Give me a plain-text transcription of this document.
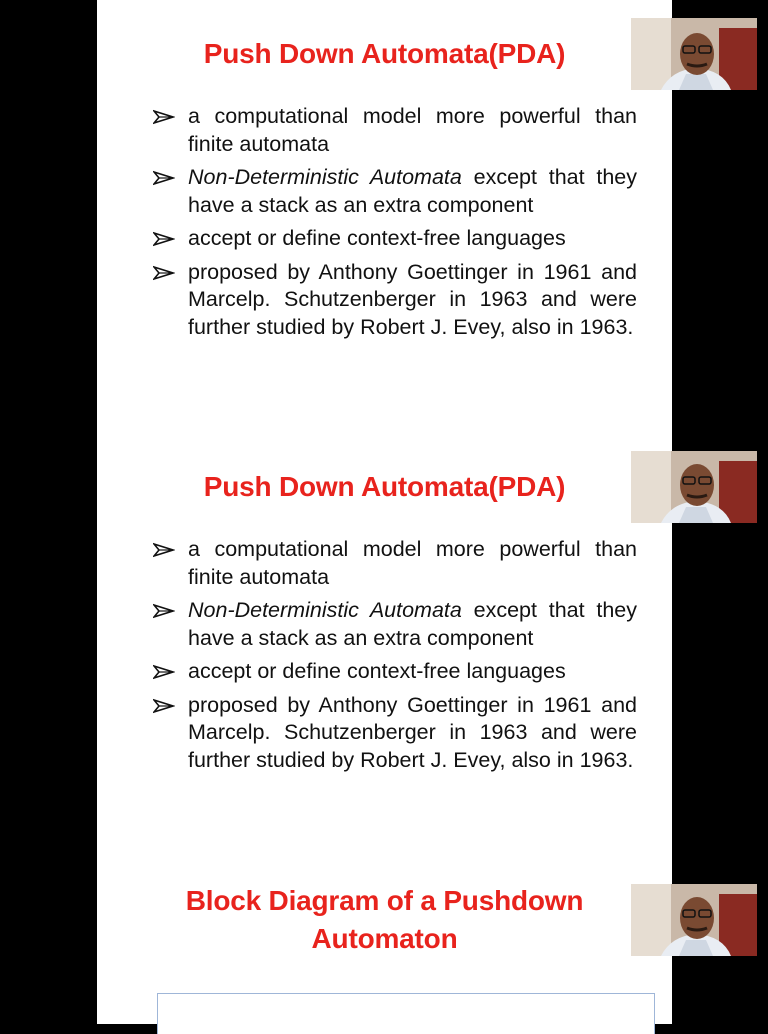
Push Down Automata(PDA)
a computational model more powerful than finite automata
Non-Deterministic Automata except that they have a stack as an extra component
accept or define context-free languages
proposed by Anthony Goettinger in 1961 and Marcelp. Schutzenberger in 1963 and were further studied by Robert J. Evey, also in 1963.
Push Down Automata(PDA)
a computational model more powerful than finite automata
Non-Deterministic Automata except that they have a stack as an extra component
accept or define context-free languages
proposed by Anthony Goettinger in 1961 and Marcelp. Schutzenberger in 1963 and were further studied by Robert J. Evey, also in 1963.
Block Diagram of a Pushdown
Automaton
